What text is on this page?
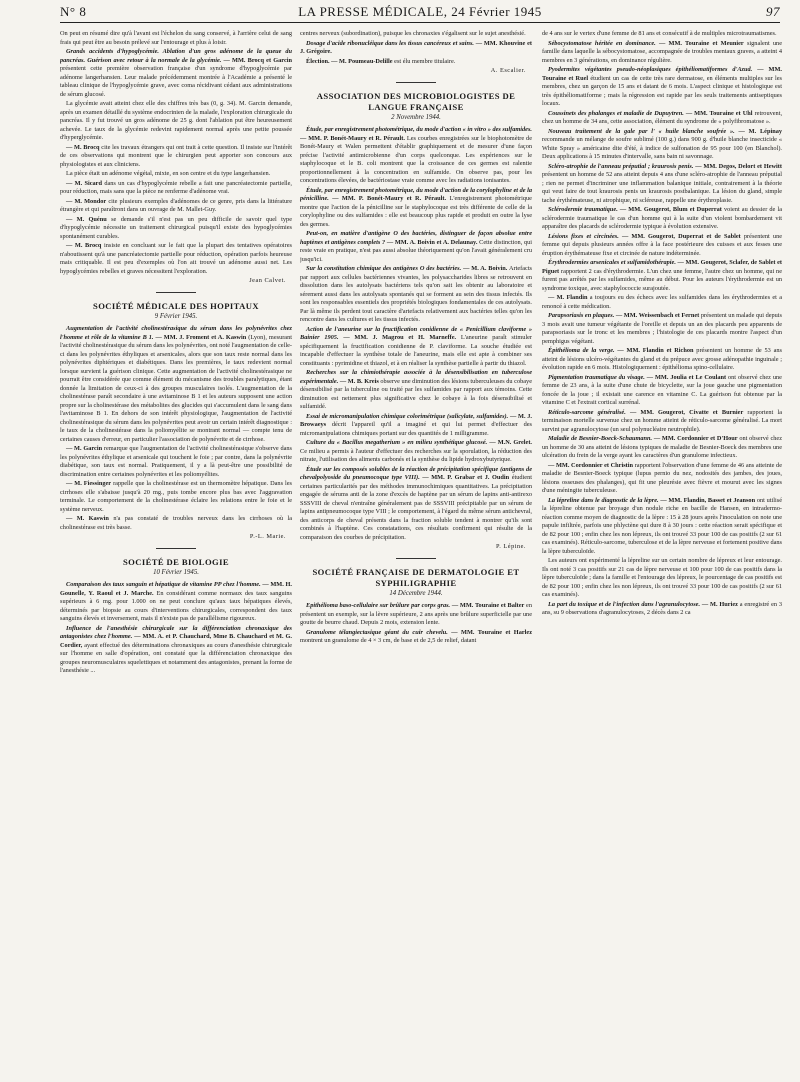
N° 8	LA PRESSE MÉDICALE, 24 Février 1945	97

On peut en résumé dire qu'à l'avant est l'échelon du sang conservé, à l'arrière celui de sang frais qui peut être au besoin prélevé sur l'entourage et plus à loisir.

Grands accidents d'hypoglycémie. Ablation d'un gros adénome de la queue du pancréas. Guérison avec retour à la normale de la glycémie. — MM. Brocq et Garcin présentent cette première observation française d'un syndrome d'hypoglycémie par adénome langerhansien. Leur malade précédemment montrée à l'Académie a présenté le tableau clinique de l'hypoglycémie grave, avec coma récidivant cédant aux administrations de sérum glucosé.

La glycémie avait atteint chez elle des chiffres très bas (0, g. 34). M. Garcin demande, après un examen détaillé du système endocrinien de la malade, l'exploration chirurgicale du pancréas. Il y fut trouvé un gros adénome de 25 g. dont l'ablation put être heureusement achevée. Le taux de la glycémie redevint rapidement normal après une petite poussée d'hyperglycémie.

— M. Brocq cite les travaux étrangers qui ont trait à cette question. Il insiste sur l'intérêt de ces observations qui montrent que le chirurgien peut apporter son concours aux physiologistes et aux cliniciens.

La pièce était un adénome végétal, mixte, en son centre et du type langerhansien.

— M. Sicard dans un cas d'hypoglycémie rebelle a fait une pancréatectomie partielle, pour réduction, mais sans que la pièce ne renferme d'adénome vrai.

— M. Mondor cite plusieurs exemples d'adénomes de ce genre, pris dans la littérature étrangère et qui paraîtront dans un ouvrage de M. Mallet-Guy.

— M. Quénu se demande s'il n'est pas un peu difficile de savoir quel type d'hypoglycémie nécessite un traitement chirurgical puisqu'il existe des hypoglycémies spontanément curables.

— M. Brocq insiste en concluant sur le fait que la plupart des tentatives opératoires n'aboutissent qu'à une pancréatectomie partielle pour réduction, opération parfois heureuse mais critiquable. Il est peu d'exemples où l'on ait trouvé un adénome aussi net. Les hypoglycémies rebelles et graves nécessitent l'exploration.

Jean Calvet.
SOCIÉTÉ MÉDICALE DES HOPITAUX
9 Février 1945.

Augmentation de l'activité cholinestérasique du sérum dans les polynévrites chez l'homme et rôle de la vitamine B 1. — MM. J. Froment et A. Kaswin (Lyon), mesurant l'activité cholinestérasique du sérum dans les polynévrites, ont noté l'augmentation de celle-ci dans les polynévrites éthyliques et arsenicales, alors que son taux reste normal dans les polynévrites diphtériques et diabétiques. Dans les premières, le taux redevient normal lorsque survient la guérison clinique. Cette augmentation de l'activité cholinestérasique ne pourrait être considérée que comme élément du mécanisme des troubles paralytiques, étant donnée la limitation de ceux-ci à des groupes musculaires isolés. L'augmentation de la cholinestérase paraît secondaire à une avitaminose B 1 et les auteurs supposent une action propre sur la cholinestérase des métabolites des glucides qui s'accumulent dans le sang dans l'avitaminose B 1. En dehors de son intérêt physiologique, l'augmentation de l'activité cholinestérasique du sérum dans les polynévrites peut avoir un certain intérêt diagnostique : le taux de la cholinestérase dans la poliomyélite se montrant normal — compte tenu de certaines causes d'erreur, en particulier l'association de polynévrite et de cirrhose.

— M. Garcin remarque que l'augmentation de l'activité cholinestérasique s'observe dans les polynévrites éthylique et arsenicale qui touchent le foie ; par contre, dans la polynévrite diabétique, son taux est normal. Pratiquement, il y a là peut-être une possibilité de discrimination entre certaines polynévrites et les poliomyélites.

— M. Fiessinger rappelle que la cholinestérase est un thermomètre hépatique. Dans les cirrhoses elle s'abaisse jusqu'à 20 mg., puis tombe encore plus bas avec l'aggravation terminale. Le comportement de la cholinestérase éclaire les relations entre le foie et le système nerveux.

— M. Kaswin n'a pas constaté de troubles nerveux dans les cirrhoses où la cholinestérase est très basse.

P.-L. Marie.
SOCIÉTÉ DE BIOLOGIE
10 Février 1945.

Comparaison des taux sanguin et hépatique de vitamine PP chez l'homme. — MM. H. Gounelle, Y. Raoul et J. Marche. En considérant comme normaux des taux sanguins supérieurs à 6 mg. pour 1.000 on ne peut conclure qu'aux taux hépatiques élevés, déterminés par biopsie au cours d'interventions chirurgicales, correspondent des taux sanguins élevés et inversement, mais il n'existe pas de parallélisme rigoureux.

Influence de l'anesthésie chirurgicale sur la différenciation chronaxique des antagonistes chez l'homme. — MM. A. et P. Chauchard, Mme B. Chauchard et M. G. Cordier, ayant effectué des déterminations chronaxiques au cours d'anesthésie chirurgicale sur l'homme en salle d'opération, ont constaté que la différenciation chronaxique des groupes neuromusculaires squelettiques et notamment des antagonistes, prenant la forme de l'anesthésie ...

centres nerveux (subordination), puisque les chronaxies s'égalisent sur le sujet anesthésié.

Dosage d'acide ribonucléique dans les tissus cancéreux et sains. — MM. Khouvine et J. Grégoire.

Élection. — M. Poumeau-Delille est élu membre titulaire.

A. Escalier.
ASSOCIATION DES MICROBIOLOGISTES DE LANGUE FRANÇAISE
2 Novembre 1944.

Étude, par enregistrement photométrique, du mode d'action « in vitro » des sulfamides. — MM. P. Bonét-Maury et R. Pérault. Les courbes enregistrées sur le biophotomètre de Bonét-Maury et Walen permettent d'établir graphiquement et de mesurer d'une façon précise l'activité antimicrobienne d'un corps quelconque. Les expériences sur le staphylocoque et le B. coli montrent que la croissance de ces germes est ralentie proportionnellement à la concentration en sulfamide. On observe pas, pour les concentrations élevées, de bactériostase vraie comme avec les radiations ionisantes.

Étude, par enregistrement photométrique, du mode d'action de la corylophyline et de la pénicilline. — MM. P. Bonét-Maury et R. Pérault. L'enregistrement photométrique montre que l'action de la pénicilline sur le staphylocoque est très différente de celle de la corylophyline ou des sulfamides : elle est beaucoup plus rapide et produit en outre la lyse des germes.

Peut-on, en matière d'antigène O des bactéries, distinguer de façon absolue entre haptènes et antigènes complets ? — MM. A. Boivin et A. Delaunay. Cette distinction, qui reste vraie en pratique, n'est pas aussi absolue théoriquement qu'on l'avait généralement cru jusqu'ici.

Sur la constitution chimique des antigènes O des bactéries. — M. A. Boivin. Artefacts par rapport aux cellules bactériennes vivantes, les polysaccharides libres se retrouvent en dissolution dans les autolysats bactériens tels qu'on sait les obtenir au laboratoire et sérement aussi dans les autolysats spontanés qui se forment au sein des tissus infectés. Ils sont les responsables essentiels des propriétés biologiques fondamentales de ces autolysats. Par là même ils perdent tout caractère d'artefacts relativement aux bactéries telles qu'on les rencontre dans les cultures et les tissus infectés.

Action de l'aneurine sur la fructification conidienne de « Penicillium claviforme » Bainier 1905. — MM. J. Magrou et H. Marneffe. L'aneurine paraît stimuler spécifiquement la fructification conidienne de P. claviforme. La souche étudiée est incapable d'effectuer la synthèse totale de l'aneurine, mais elle est apte à combiner ses constituants : pyrimidine et thiazol, et à en réaliser la synthèse partielle à partir du thiazol.

Recherches sur la chimiothérapie associée à la désensibilisation en tuberculose expérimentale. — M. B. Kreis observe une diminution des lésions tuberculeuses du cobaye désensibilisé par la tuberculine ou traité par les sulfamides par rapport aux témoins. Cette diminution est nettement plus significative chez le cobaye à la fois désensibilisé et sulfamidé.

Essai de micromanipulation chimique colorimétrique (salicylate, sulfamides). — M. J. Browaeys décrit l'appareil qu'il a imaginé et qui lui permet d'effectuer des micromanipulations chimiques portant sur des quantités de 1 milligramme.

Culture du « Bacillus megatherium » en milieu synthétique glucosé. — M.N. Grelet. Ce milieu a permis à l'auteur d'effectuer des recherches sur la sporulation, la réduction des nitrate, l'utilisation des aliments carbonés et la synthèse du lipide hydroxybutyrique.

Étude sur les composés solubles de la réaction de précipitation spécifique (antigens de chevalpolyoside du pneumocoque type VIII). — MM. P. Grabar et J. Oudin étudient certaines particularités par des méthodes immunochimiques quantitatives. La précipitation engagée de sérums anti de la zone d'excès de haptène par un sérum de lapins anti-antirexo SSSVIII de cheval n'entraîne généralement pas de SSSVIII précipitable par un sérum de lapins antipneumocoque type VIII ; le comportement, à l'égard du même sérum antichevral, des anticorps de cheval présents dans la fraction soluble tendent à montrer qu'ils sont combinés à l'haptène. Ces constatations, ces résultats confirment qui résulte de la comparaison des courbes de précipitation.

P. Lépine.
SOCIÉTÉ FRANÇAISE DE DERMATOLOGIE ET SYPHILIGRAPHIE
14 Décembre 1944.

Epithélioma baso-cellulaire sur brûlure par corps gras. — MM. Touraine et Baltеr en présentent un exemple, sur la lèvre supérieure, 2 ans après une brûlure superficielle par une goutte de beurre chaud. Depuis 2 mois, extension lente.

Granulome télangiectasique géant du cuir chevelu. — MM. Touraine et Harlez montrent un granulome de 4 × 3 cm, de base et de 2,5 de relief, datant

de 4 ans sur le vertex d'une femme de 81 ans et consécutif à de multiples microtraumatismes.

Sébocystomatose héritée en dominance. — MM. Touraine et Meunier signalent une famille dans laquelle la sébocystomatose, accompagnée de troubles mentaux graves, a atteint 4 membres en 3 générations, en dominance régulière.

Pyodermites végétantes pseudo-néoplasiques épithéliomatiformes d'Azud. — MM. Touraine et Ruel étudient un cas de cette très rare dermatose, en éléments multiples sur les membres, chez un garçon de 15 ans et datant de 6 mois. L'aspect clinique et histologique est très épithéliomatiforme ; mais la régression est rapide par les seuls traitements antiseptiques locaux.

Coussinets des phalanges et maladie de Dupuytren. — MM. Touraine et Uhl retrouvent, chez un homme de 34 ans, cette association, élément du syndrome de « polyfibromatose ».

Nouveau traitement de la gale par l' « huile blanche soufrée ». — M. Lépinay recommande un mélange de soufre sublimé (100 g.) dans 900 g. d'huile blanche insecticide « White Spray » américaine dite d'été, à indice de sulfonation de 95 pour 100 (en Blanchol). Deux applications à 15 minutes d'intervalle, sans bain ni savonnage.

Scléro-atrophie de l'anneau préputial ; kraurosis penis. — MM. Degos, Delort et Hewitt présentent un homme de 52 ans atteint depuis 4 ans d'une scléro-atrophie de l'anneau préputial ; rien ne permet d'incriminer une inflammation balanique initiale, contrairement à la théorie qui veut faire de tout kraurosis penis un kraurosis postbalanique. La lésion du gland, simple tache érythémateuse, ni atrophique, ni scléreuse, rappelle une érythroplasie.

Sclérodermie traumatique. — MM. Gougerot, Blum et Duperrat voient au dessier de la sclérodermie traumatique le cas d'un homme qui à la suite d'un violent bombardement vit apparaître des placards de sclérodermie typique à évolution extensive.

Lésions fixes et circinées. — MM. Gougerot, Duperrat et de Sablet présentent une femme qui depuis plusieurs années offre à la face postérieure des cuisses et aux fesses une éruption érythémateuse fixe et circinée de nature indéterminée.

Érythrodermies arsenicales et sulfamidothérapie. — MM. Gougerot, Sclafer, de Sablet et Piguet rapportent 2 cas d'érythrodermie. L'un chez une femme, l'autre chez un homme, qui ne furent pas arrêtés par les sulfamides, même au début. Pour les auteurs l'érythrodermie est un syndrome toxique, avec staphylococcie surajoutée.

— M. Flandin a toujours eu des échecs avec les sulfamides dans les érythrodermies et a renoncé à cette médication.

Parapsoriasis en plaques. — MM. Weissenbach et Fernet présentent un malade qui depuis 3 mois avait une tumeur végétante de l'oreille et depuis un an des placards peu apparents de parapsoriasis sur le tronc et les membres ; l'histologie de ces placards montre l'aspect d'un pemphigus végétant.

Épithélioma de la verge. — MM. Flandin et Richon présentent un homme de 53 ans atteint de lésions ulcéro-végétantes du gland et du prépuce avec grosse adénopathie inguinale ; évolution rapide en 6 mois. Histologiquement : épithélioma spino-cellulaire.

Pigmentation traumatique du visage. — MM. Joulia et Le Coulant ont observé chez une femme de 23 ans, à la suite d'une chute de bicyclette, sur la joue gauche une pigmentation foncée de la joue ; il existait une carence en vitamine C. La guérison fut obtenue par la vitamine C et l'extrait cortical surrénal.

Réticulo-sarcome généralisé. — MM. Gougerot, Civatte et Burnier rapportent la terminaison mortelle survenue chez un homme atteint de réticulo-sarcome généralisé. La mort survint par agranulocytose (un seul polynucléaire neutrophile).

Maladie de Besnier-Boeck-Schaumann. — MM. Cordonnier et D'Hour ont observé chez un homme de 30 ans atteint de lésions typiques de maladie de Besnier-Boeck des membres une ulcération du frein de la verge ayant les caractères d'un granulome infectieux.

— MM. Cordonnier et Christin rapportent l'observation d'une femme de 46 ans atteinte de maladie de Besnier-Boeck typique (lupus pernio du nez, nodosités des jambes, des joues, lésions osseuses des phalanges), qui fit une pleurésie avec fièvre et mourut avec les signes d'une méningite tuberculeuse.

La lépreline dans le diagnostic de la lèpre. — MM. Flandin, Basset et Jeanson ont utilisé la lépreline obtenue par broyage d'un nodule riche en bacille de Hansen, en intradermo-réaction comme moyen de diagnostic de la lèpre : 15 à 28 jours après l'inoculation on note une papule infiltrée, parfois une phlyctène qui dure 8 à 30 jours : cette réaction serait spécifique et de 82 pour 100 ; enfin chez les non lépreux, ils ont trouvé 33 pour 100 de cas positifs (2 sur 61 cas examinés). Réticulo-sarcome, tuberculose et de la lèpre nerveuse et fortement positive dans la lèpre tuberculoïde.

Les auteurs ont expérimenté la lépreline sur un certain nombre de lépreux et leur entourage. Ils ont noté 3 cas positifs sur 21 cas de lèpre nerveuse et 100 pour 100 de cas positifs dans la lèpre tuberculoïde ; dans la famille et l'entourage des lépreux, le pourcentage de cas positifs est de 82 pour 100 ; enfin chez les non lépreux, ils ont trouvé 33 pour 100 de cas positifs (2 sur 61 cas examinés).

La part du toxique et de l'infection dans l'agranulocytose. — M. Huriez a enregistré en 3 ans, su 9 observations d'agranulocytoses, 2 décès dans 2 ca
